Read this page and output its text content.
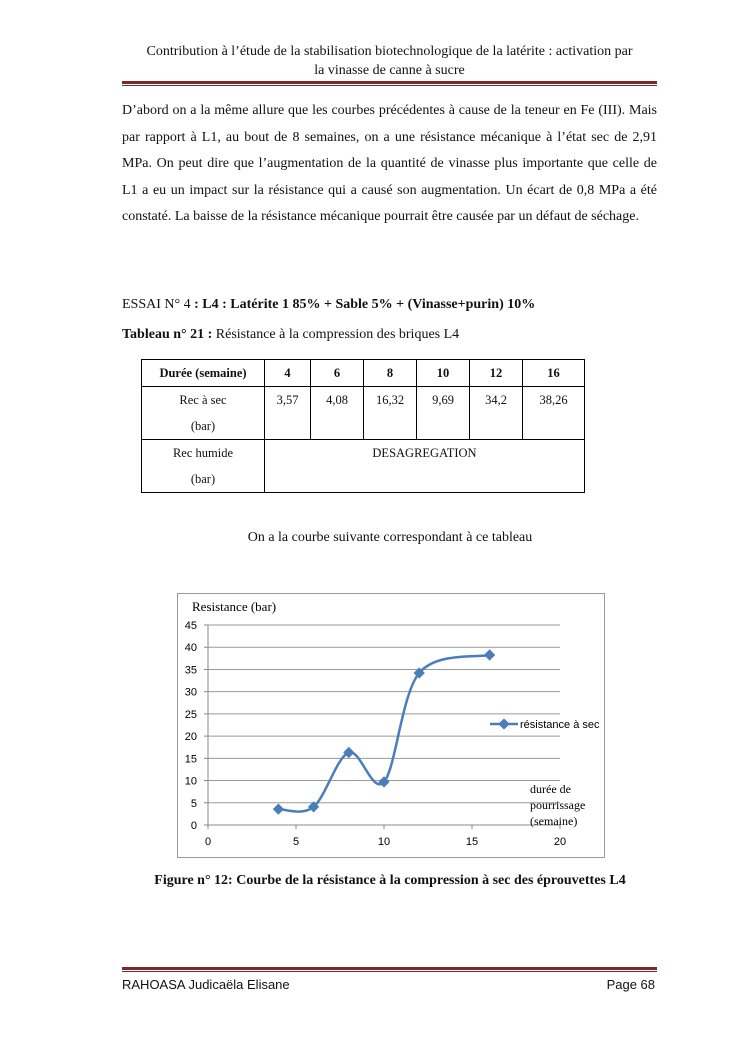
Contribution à l’étude de la stabilisation biotechnologique de la latérite : activation par
la vinasse de canne à sucre

D’abord on a la même allure que les courbes précédentes à cause de la teneur en Fe (III). Mais par rapport à L1, au bout de 8 semaines, on a une résistance mécanique à l’état sec de 2,91 MPa. On peut dire que l’augmentation de la quantité de vinasse plus importante que celle de L1 a eu un impact sur la résistance qui a causé son augmentation. Un écart de 0,8 MPa a été constaté. La baisse de la résistance mécanique pourrait être causée par un défaut de séchage.

ESSAI N° 4 : L4 : Latérite 1 85% + Sable 5% + (Vinasse+purin) 10%
Tableau n° 21 : Résistance à la compression des briques L4
Durée (semaine)	4	6	8	10	12	16

Rec à sec
(bar)	3,57	4,08	16,32	9,69	34,2	38,26

Rec humide
(bar)	DESAGREGATION					
On a la courbe suivante correspondant à ce tableau
0
5
10
15
20
25
30
35
40
45
0	5	10	15	20
Resistance (bar)
résistance à sec
durée de
pourrissage
(semaine)
Figure n° 12: Courbe de la résistance à la compression à sec des éprouvettes L4
RAHOASA Judicaëla Elisane	Page 68
